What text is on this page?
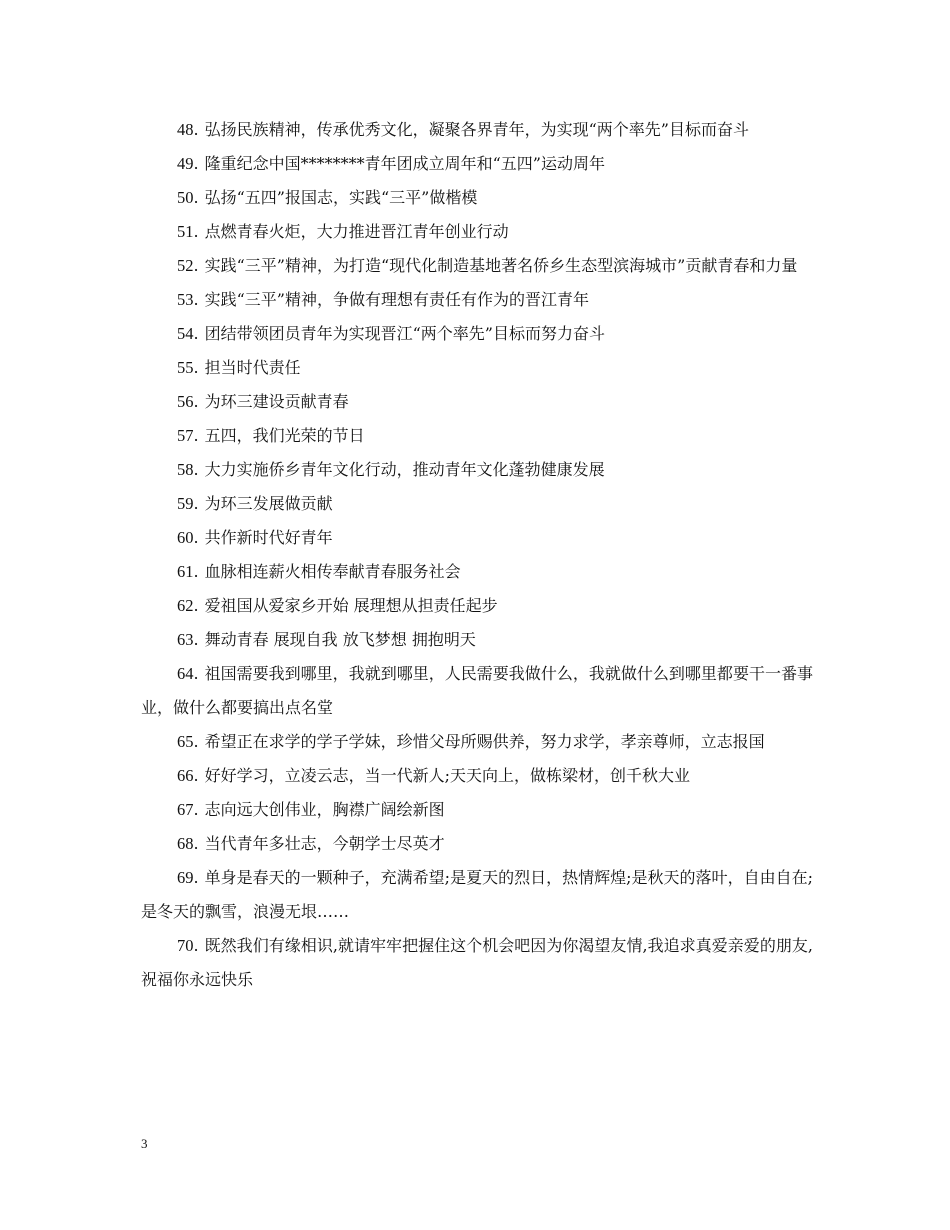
48. 弘扬民族精神，传承优秀文化，凝聚各界青年，为实现“两个率先”目标而奋斗

49. 隆重纪念中国********青年团成立周年和“五四”运动周年

50. 弘扬“五四”报国志，实践“三平”做楷模

51. 点燃青春火炬，大力推进晋江青年创业行动

52. 实践“三平”精神，为打造“现代化制造基地著名侨乡生态型滨海城市”贡献青春和力量

53. 实践“三平”精神，争做有理想有责任有作为的晋江青年

54. 团结带领团员青年为实现晋江“两个率先”目标而努力奋斗

55. 担当时代责任

56. 为环三建设贡献青春

57. 五四，我们光荣的节日

58. 大力实施侨乡青年文化行动，推动青年文化蓬勃健康发展

59. 为环三发展做贡献

60. 共作新时代好青年

61. 血脉相连薪火相传奉献青春服务社会

62. 爱祖国从爱家乡开始 展理想从担责任起步

63. 舞动青春 展现自我 放飞梦想 拥抱明天

64. 祖国需要我到哪里，我就到哪里，人民需要我做什么，我就做什么到哪里都要干一番事业，做什么都要搞出点名堂

65. 希望正在求学的学子学妹，珍惜父母所赐供养，努力求学，孝亲尊师，立志报国

66. 好好学习，立凌云志，当一代新人;天天向上，做栋梁材，创千秋大业

67. 志向远大创伟业，胸襟广阔绘新图

68. 当代青年多壮志，今朝学士尽英才

69. 单身是春天的一颗种子，充满希望;是夏天的烈日，热情辉煌;是秋天的落叶，自由自在;是冬天的飘雪，浪漫无垠……

70. 既然我们有缘相识,就请牢牢把握住这个机会吧因为你渴望友情,我追求真爱亲爱的朋友,祝福你永远快乐

3
